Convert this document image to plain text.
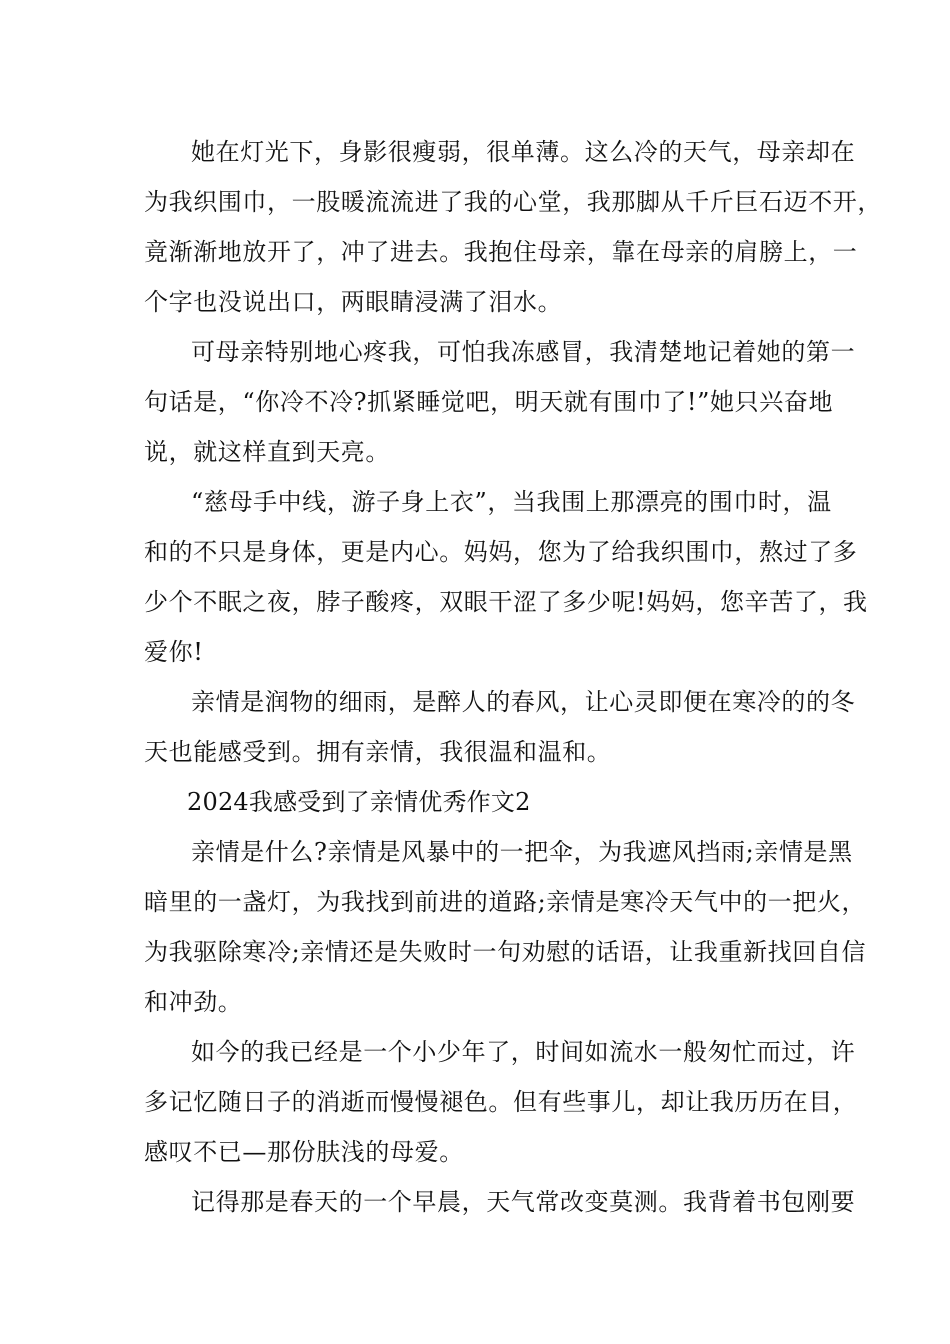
她在灯光下，身影很瘦弱，很单薄。这么冷的天气，母亲却在
为我织围巾，一股暖流流进了我的心堂，我那脚从千斤巨石迈不开，
竟渐渐地放开了，冲了进去。我抱住母亲，靠在母亲的肩膀上，一
个字也没说出口，两眼睛浸满了泪水。
可母亲特别地心疼我，可怕我冻感冒，我清楚地记着她的第一
句话是，“你冷不冷?抓紧睡觉吧，明天就有围巾了!”她只兴奋地
说，就这样直到天亮。
“慈母手中线，游子身上衣”，当我围上那漂亮的围巾时，温
和的不只是身体，更是内心。妈妈，您为了给我织围巾，熬过了多
少个不眠之夜，脖子酸疼，双眼干涩了多少呢!妈妈，您辛苦了，我
爱你!
亲情是润物的细雨，是醉人的春风，让心灵即便在寒冷的的冬
天也能感受到。拥有亲情，我很温和温和。
2024我感受到了亲情优秀作文2
亲情是什么?亲情是风暴中的一把伞，为我遮风挡雨;亲情是黑
暗里的一盏灯，为我找到前进的道路;亲情是寒冷天气中的一把火，
为我驱除寒冷;亲情还是失败时一句劝慰的话语，让我重新找回自信
和冲劲。
如今的我已经是一个小少年了，时间如流水一般匆忙而过，许
多记忆随日子的消逝而慢慢褪色。但有些事儿，却让我历历在目，
感叹不已—那份肤浅的母爱。
记得那是春天的一个早晨，天气常改变莫测。我背着书包刚要
